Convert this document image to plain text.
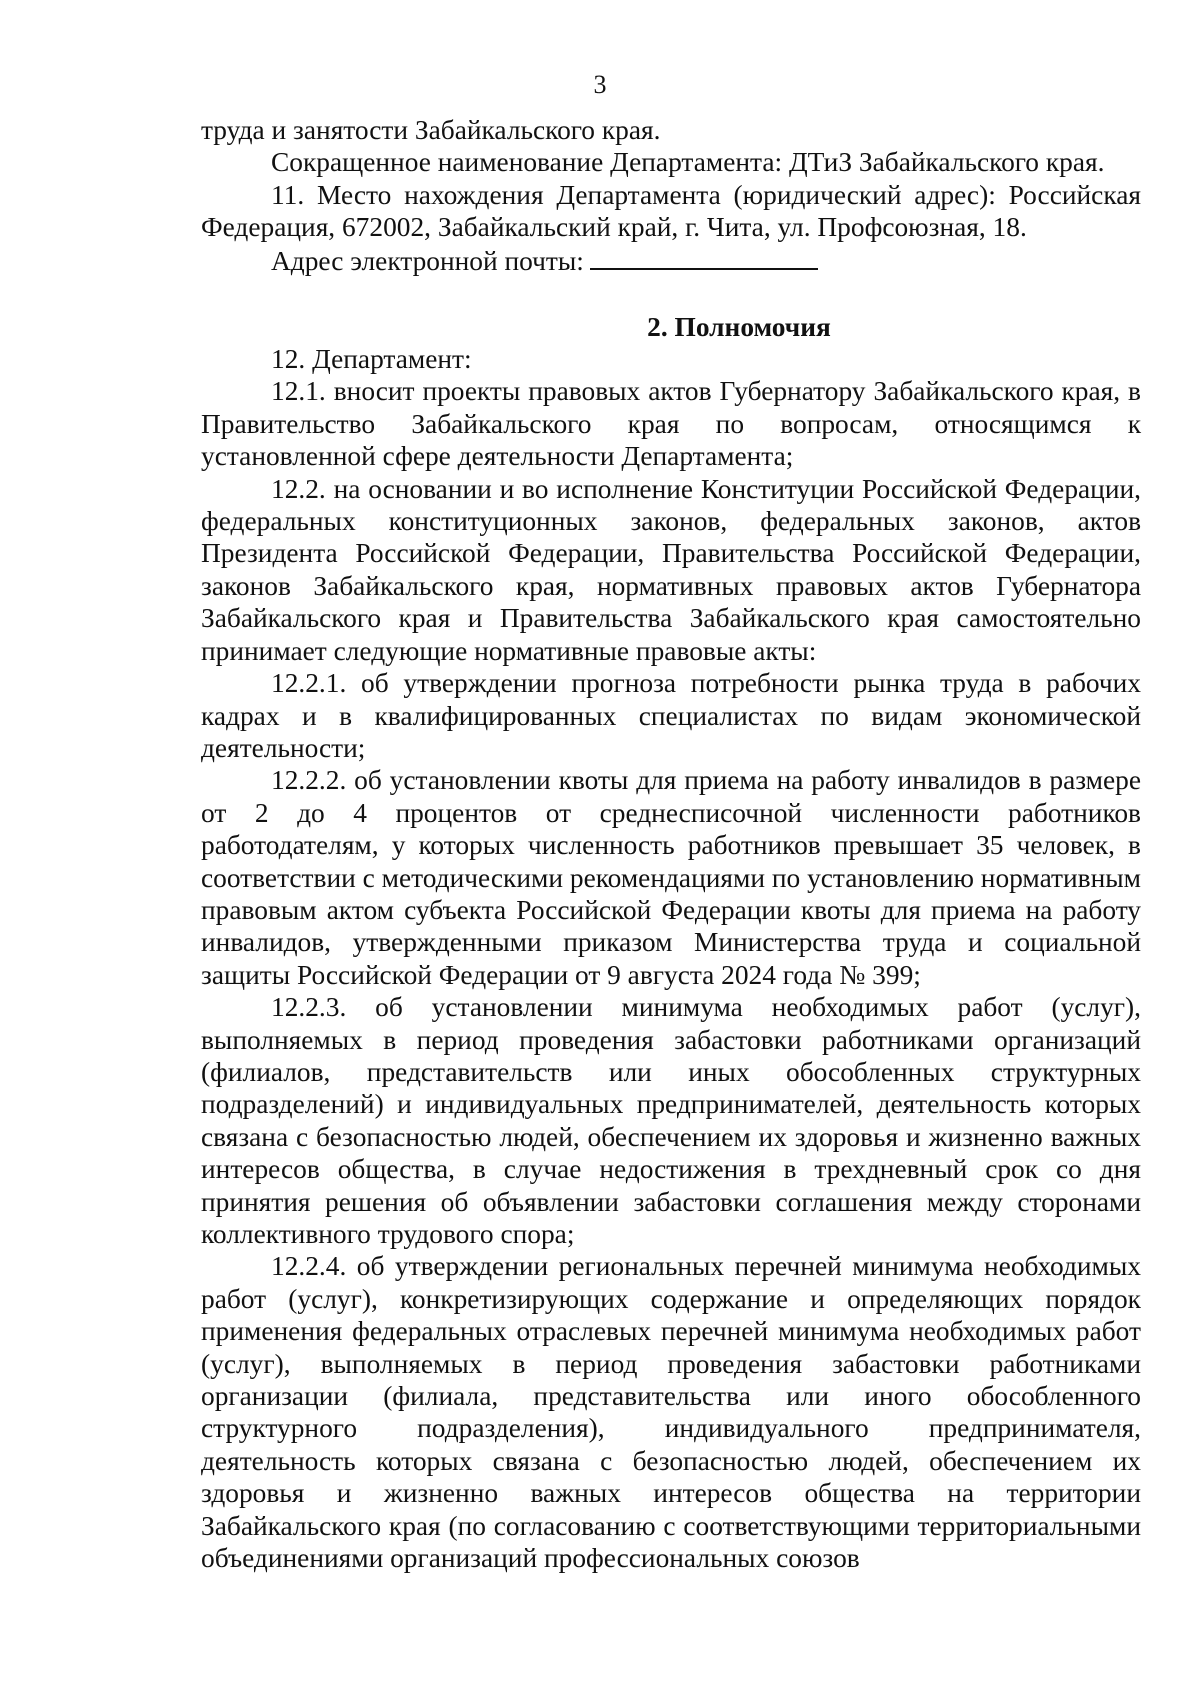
3

труда и занятости Забайкальского края.

Сокращенное наименование Департамента: ДТиЗ Забайкальского края.

11. Место нахождения Департамента (юридический адрес): Российская Федерация, 672002, Забайкальский край, г. Чита, ул. Профсоюзная, 18.

Адрес электронной почты:

2. Полномочия

12. Департамент:

12.1. вносит проекты правовых актов Губернатору Забайкальского края, в Правительство Забайкальского края по вопросам, относящимся к установленной сфере деятельности Департамента;

12.2. на основании и во исполнение Конституции Российской Федерации, федеральных конституционных законов, федеральных законов, актов Президента Российской Федерации, Правительства Российской Федерации, законов Забайкальского края, нормативных правовых актов Губернатора Забайкальского края и Правительства Забайкальского края самостоятельно принимает следующие нормативные правовые акты:

12.2.1. об утверждении прогноза потребности рынка труда в рабочих кадрах и в квалифицированных специалистах по видам экономической деятельности;

12.2.2. об установлении квоты для приема на работу инвалидов в размере от 2 до 4 процентов от среднесписочной численности работников работодателям, у которых численность работников превышает 35 человек, в соответствии с методическими рекомендациями по установлению нормативным правовым актом субъекта Российской Федерации квоты для приема на работу инвалидов, утвержденными приказом Министерства труда и социальной защиты Российской Федерации от 9 августа 2024 года № 399;

12.2.3. об установлении минимума необходимых работ (услуг), выполняемых в период проведения забастовки работниками организаций (филиалов, представительств или иных обособленных структурных подразделений) и индивидуальных предпринимателей, деятельность которых связана с безопасностью людей, обеспечением их здоровья и жизненно важных интересов общества, в случае недостижения в трехдневный срок со дня принятия решения об объявлении забастовки соглашения между сторонами коллективного трудового спора;

12.2.4. об утверждении региональных перечней минимума необходимых работ (услуг), конкретизирующих содержание и определяющих порядок применения федеральных отраслевых перечней минимума необходимых работ (услуг), выполняемых в период проведения забастовки работниками организации (филиала, представительства или иного обособленного структурного подразделения), индивидуального предпринимателя, деятельность которых связана с безопасностью людей, обеспечением их здоровья и жизненно важных интересов общества на территории Забайкальского края (по согласованию с соответствующими территориальными объединениями организаций профессиональных союзов
